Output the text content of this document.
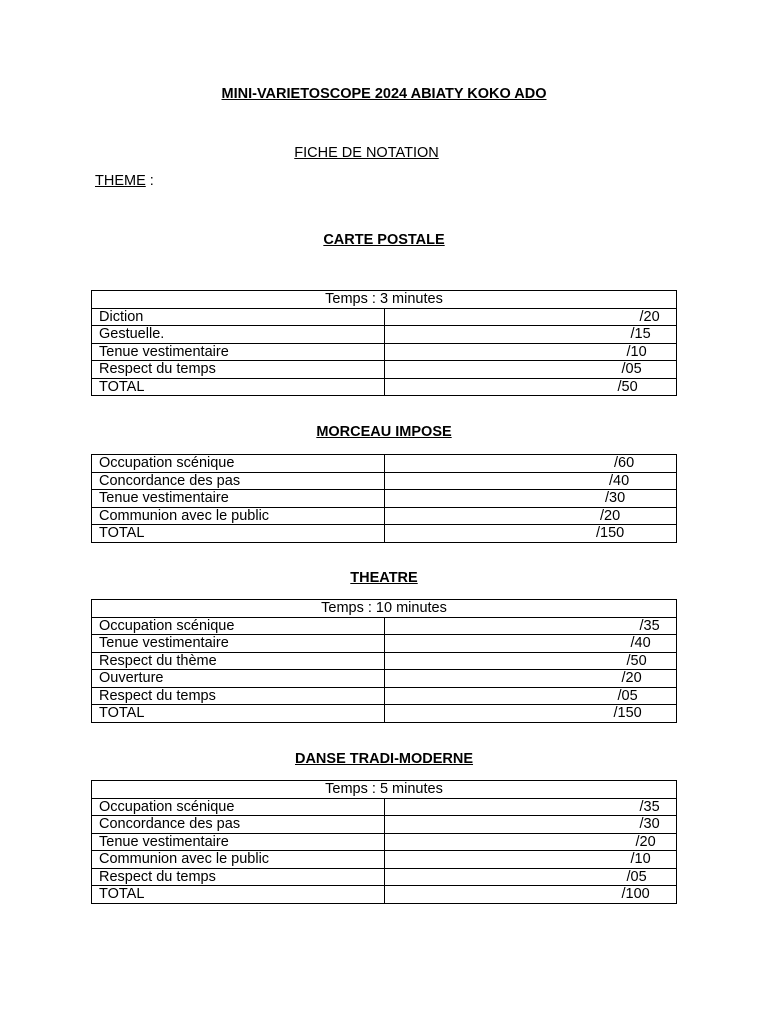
MINI-VARIETOSCOPE 2024 ABIATY KOKO ADO
FICHE DE NOTATION
THEME :
CARTE POSTALE
Temps : 3 minutes	
Diction	/20

Gestuelle.	/15

Tenue vestimentaire	/10

Respect du temps	/05

TOTAL	/50
MORCEAU IMPOSE
Occupation scénique	/60

Concordance des pas	/40

Tenue vestimentaire	/30

Communion avec le public	/20

TOTAL	/150
THEATRE
Temps : 10 minutes	
Occupation scénique	/35

Tenue vestimentaire	/40

Respect du thème	/50

Ouverture	/20

Respect du temps	/05

TOTAL	/150
DANSE TRADI-MODERNE
Temps : 5 minutes	
Occupation scénique	/35

Concordance des pas	/30

Tenue vestimentaire	/20

Communion avec le public	/10

Respect du temps	/05

TOTAL	/100
